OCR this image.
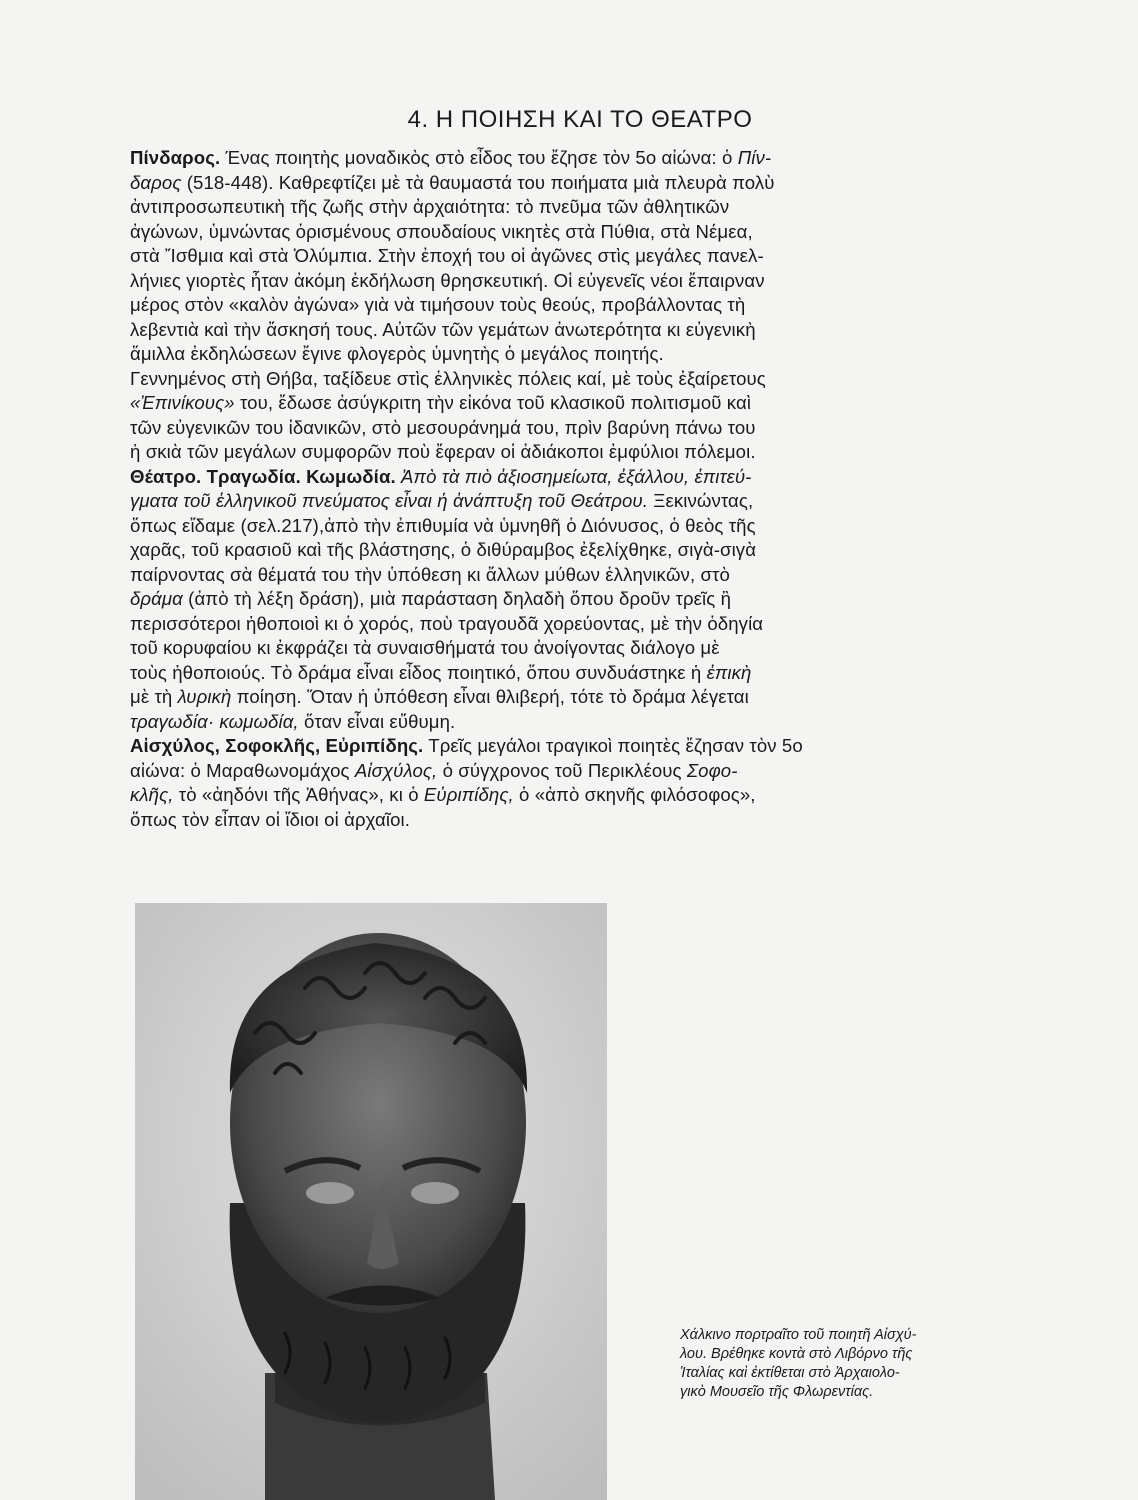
4. Η ΠΟΙΗΣΗ ΚΑΙ ΤΟ ΘΕΑΤΡΟ
Πίνδαρος. Ένας ποιητὴς μοναδικὸς στὸ εἶδος του ἔζησε τὸν 5ο αἰώνα: ὁ Πίν-
δαρος (518-448). Καθρεφτίζει μὲ τὰ θαυμαστά του ποιήματα μιὰ πλευρὰ πολὺ
ἀντιπροσωπευτικὴ τῆς ζωῆς στὴν ἀρχαιότητα: τὸ πνεῦμα τῶν ἀθλητικῶν
ἀγώνων, ὑμνώντας ὁρισμένους σπουδαίους νικητὲς στὰ Πύθια, στὰ Νέμεα,
στὰ Ἴσθμια καὶ στὰ Ὀλύμπια. Στὴν ἐποχή του οἱ ἀγῶνες στὶς μεγάλες πανελ-
λήνιες γιορτὲς ἦταν ἀκόμη ἐκδήλωση θρησκευτική. Οἱ εὐγενεῖς νέοι ἔπαιρναν
μέρος στὸν «καλὸν ἀγώνα» γιὰ νὰ τιμήσουν τοὺς θεούς, προβάλλοντας τὴ
λεβεντιὰ καὶ τὴν ἄσκησή τους. Αὐτῶν τῶν γεμάτων ἀνωτερότητα κι εὐγενικὴ
ἅμιλλα ἐκδηλώσεων ἔγινε φλογερὸς ὑμνητὴς ὁ μεγάλος ποιητής.
Γεννημένος στὴ Θήβα, ταξίδευε στὶς ἑλληνικὲς πόλεις καί, μὲ τοὺς ἐξαίρετους
«Ἐπινίκους» του, ἔδωσε ἀσύγκριτη τὴν εἰκόνα τοῦ κλασικοῦ πολιτισμοῦ καὶ
τῶν εὐγενικῶν του ἰδανικῶν, στὸ μεσουράνημά του, πρὶν βαρύνη πάνω του
ἡ σκιὰ τῶν μεγάλων συμφορῶν ποὺ ἔφεραν οἱ ἀδιάκοποι ἐμφύλιοι πόλεμοι.
Θέατρο. Τραγωδία. Κωμωδία. Ἀπὸ τὰ πιὸ ἀξιοσημείωτα, ἐξάλλου, ἐπιτεύ-
γματα τοῦ ἑλληνικοῦ πνεύματος εἶναι ἡ ἀνάπτυξη τοῦ Θεάτρου. Ξεκινώντας,
ὅπως εἴδαμε (σελ.217),ἀπὸ τὴν ἐπιθυμία νὰ ὑμνηθῆ ὁ Διόνυσος, ὁ θεὸς τῆς
χαρᾶς, τοῦ κρασιοῦ καὶ τῆς βλάστησης, ὁ διθύραμβος ἐξελίχθηκε, σιγὰ-σιγὰ
παίρνοντας σὰ θέματά του τὴν ὑπόθεση κι ἄλλων μύθων ἑλληνικῶν, στὸ
δράμα (ἀπὸ τὴ λέξη δράση), μιὰ παράσταση δηλαδὴ ὅπου δροῦν τρεῖς ἢ
περισσότεροι ἠθοποιοὶ κι ὁ χορός, ποὺ τραγουδᾶ χορεύοντας, μὲ τὴν ὁδηγία
τοῦ κορυφαίου κι ἐκφράζει τὰ συναισθήματά του ἀνοίγοντας διάλογο μὲ
τοὺς ἠθοποιούς. Τὸ δράμα εἶναι εἶδος ποιητικό, ὅπου συνδυάστηκε ἡ ἐπικὴ
μὲ τὴ λυρικὴ ποίηση. Ὅταν ἡ ὑπόθεση εἶναι θλιβερή, τότε τὸ δράμα λέγεται
τραγωδία· κωμωδία, ὅταν εἶναι εὔθυμη.
Αἰσχύλος, Σοφοκλῆς, Εὐριπίδης. Τρεῖς μεγάλοι τραγικοὶ ποιητὲς ἔζησαν τὸν 5ο
αἰώνα: ὁ Μαραθωνομάχος Αἰσχύλος, ὁ σύγχρονος τοῦ Περικλέους Σοφο-
κλῆς, τὸ «ἀηδόνι τῆς Ἀθήνας», κι ὁ Εὐριπίδης, ὁ «ἀπὸ σκηνῆς φιλόσοφος»,
ὅπως τὸν εἶπαν οἱ ἴδιοι οἱ ἀρχαῖοι.
Χάλκινο πορτραῖτο τοῦ ποιητῆ Αἰσχύ-
λου. Βρέθηκε κοντὰ στὸ Λιβόρνο τῆς
Ἰταλίας καὶ ἐκτίθεται στὸ Ἀρχαιολο-
γικὸ Μουσεῖο τῆς Φλωρεντίας.
